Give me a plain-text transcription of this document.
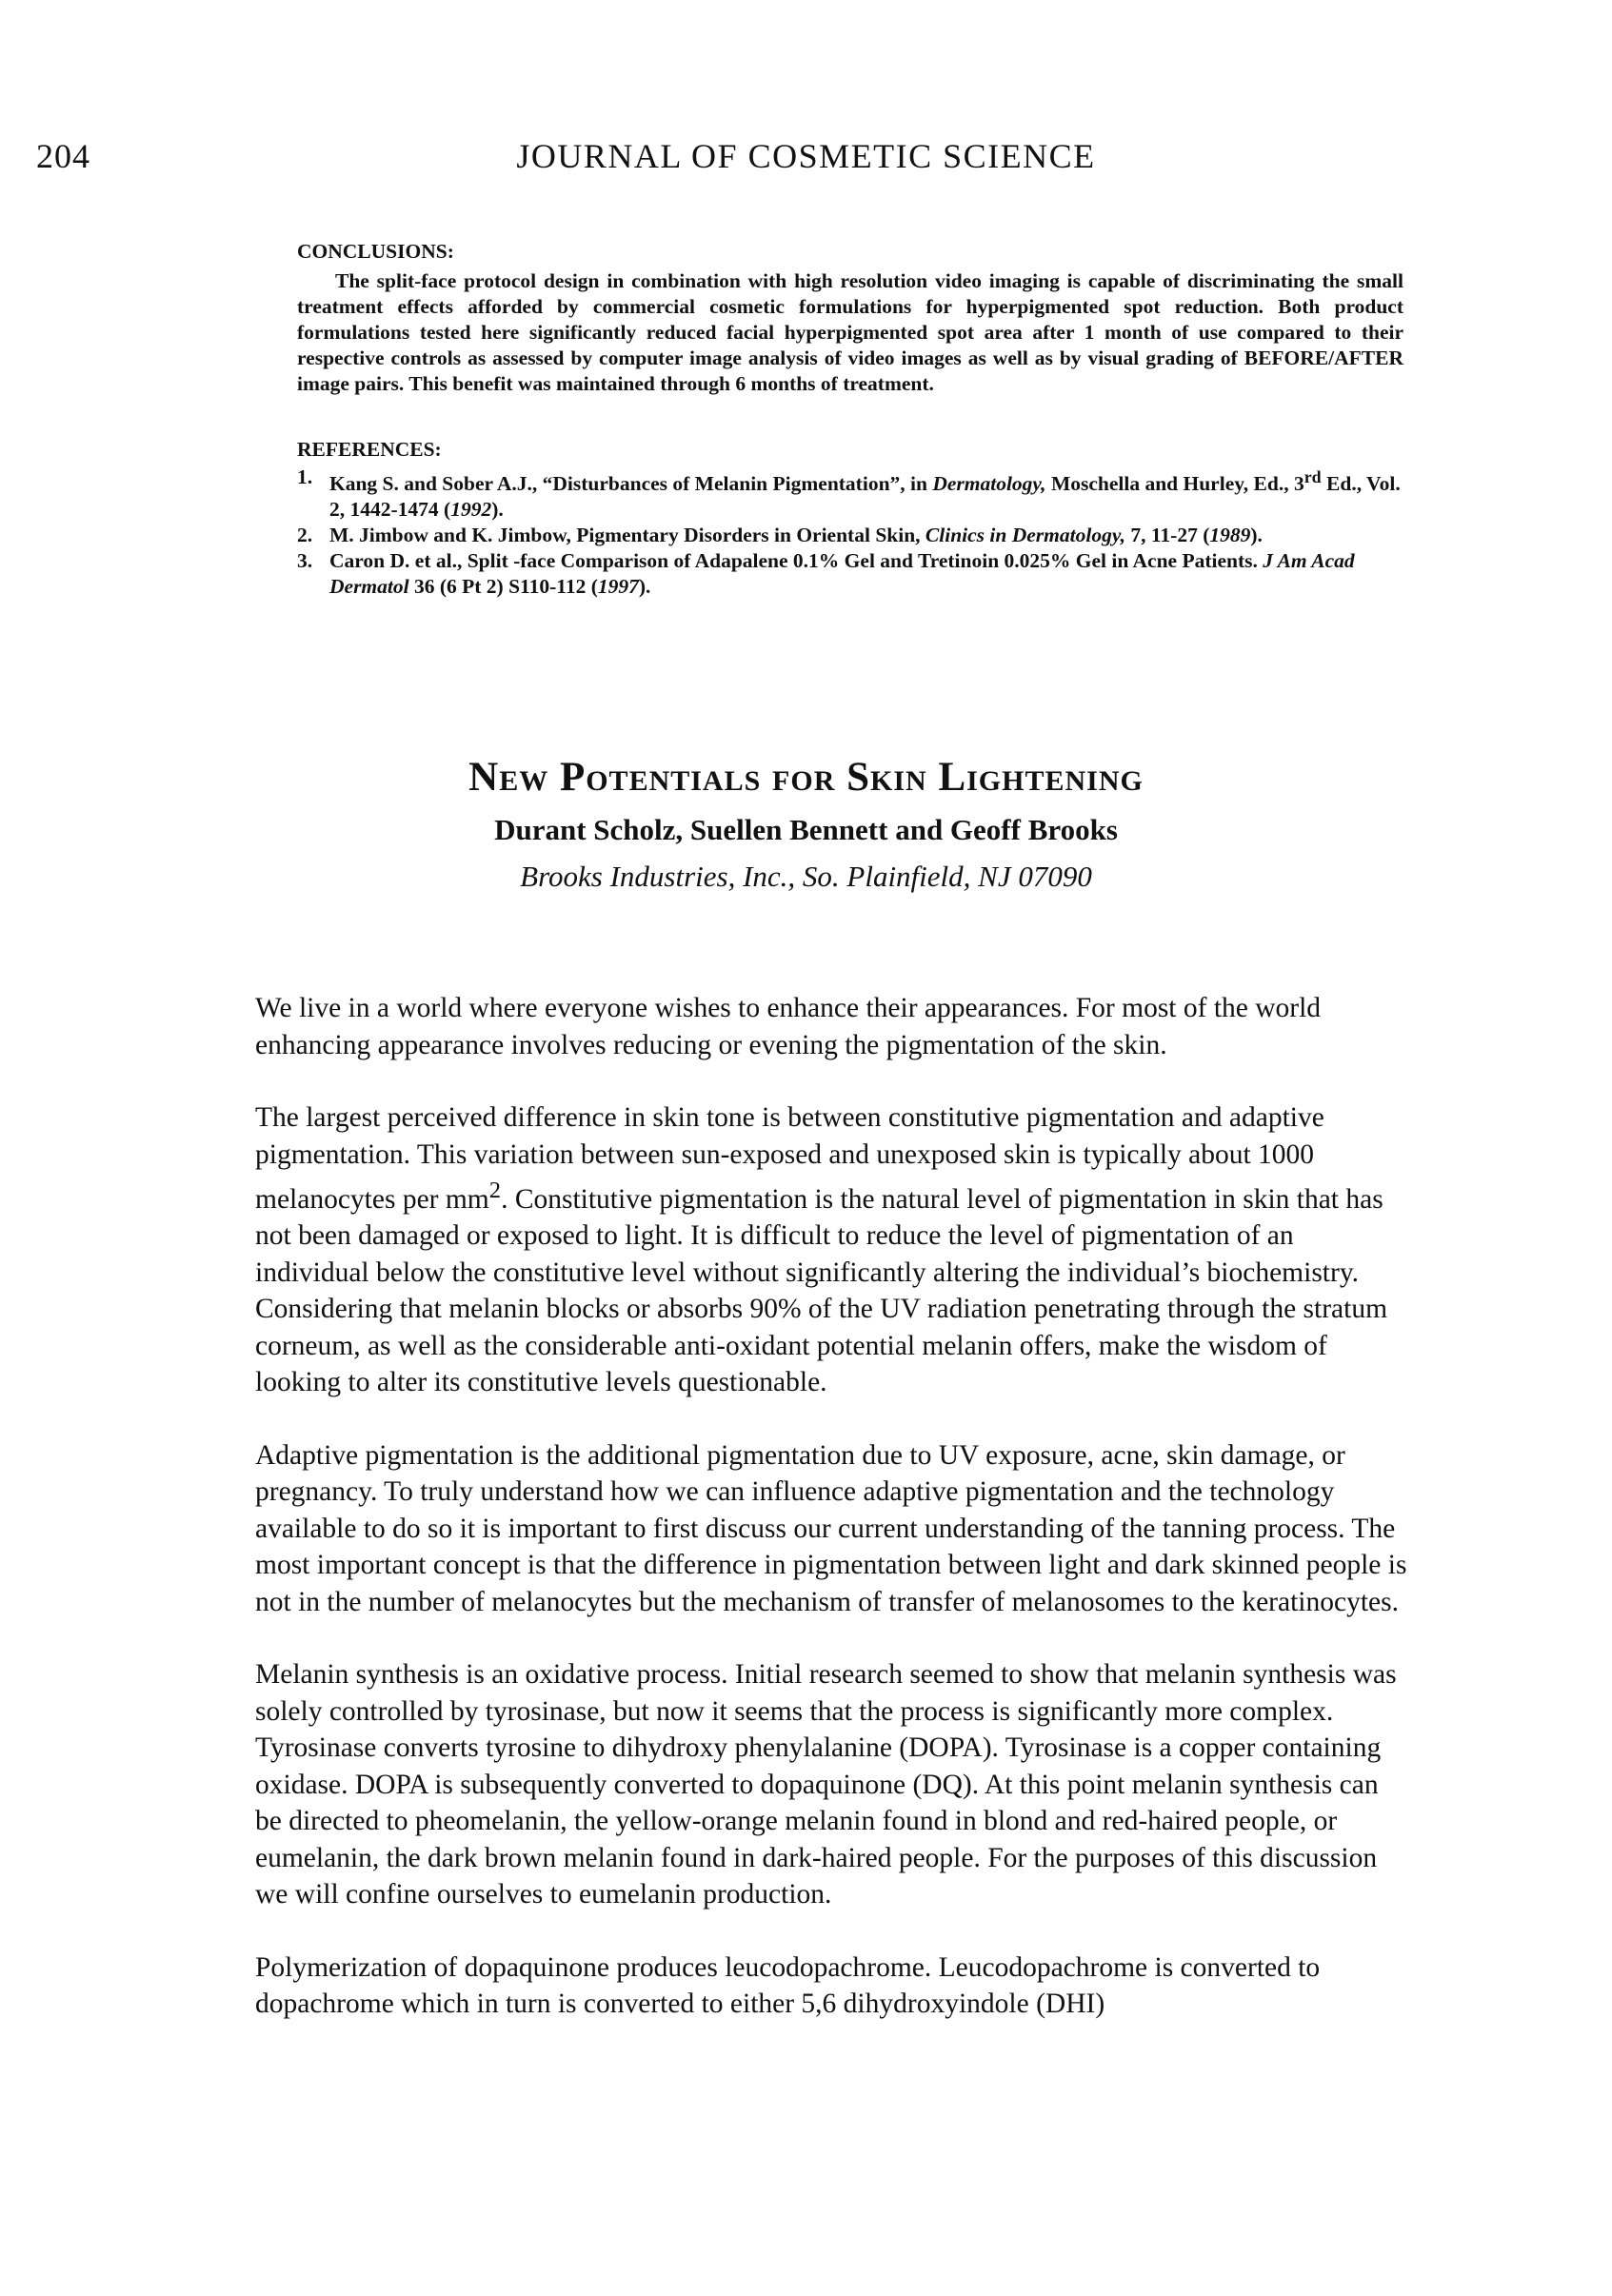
204	JOURNAL OF COSMETIC SCIENCE

CONCLUSIONS:

The split-face protocol design in combination with high resolution video imaging is capable of discriminating the small treatment effects afforded by commercial cosmetic formulations for hyperpigmented spot reduction. Both product formulations tested here significantly reduced facial hyperpigmented spot area after 1 month of use compared to their respective controls as assessed by computer image analysis of video images as well as by visual grading of BEFORE/AFTER image pairs. This benefit was maintained through 6 months of treatment.

REFERENCES:

1. Kang S. and Sober A.J., “Disturbances of Melanin Pigmentation”, in Dermatology, Moschella and Hurley, Ed., 3rd Ed., Vol. 2, 1442-1474 (1992).
2. M. Jimbow and K. Jimbow, Pigmentary Disorders in Oriental Skin, Clinics in Dermatology, 7, 11-27 (1989).
3. Caron D. et al., Split -face Comparison of Adapalene 0.1% Gel and Tretinoin 0.025% Gel in Acne Patients. J Am Acad Dermatol 36 (6 Pt 2) S110-112 (1997).
New Potentials for Skin Lightening
Durant Scholz, Suellen Bennett and Geoff Brooks
Brooks Industries, Inc., So. Plainfield, NJ 07090

We live in a world where everyone wishes to enhance their appearances. For most of the world enhancing appearance involves reducing or evening the pigmentation of the skin.

The largest perceived difference in skin tone is between constitutive pigmentation and adaptive pigmentation. This variation between sun-exposed and unexposed skin is typically about 1000 melanocytes per $mm^2$. Constitutive pigmentation is the natural level of pigmentation in skin that has not been damaged or exposed to light. It is difficult to reduce the level of pigmentation of an individual below the constitutive level without significantly altering the individual’s biochemistry. Considering that melanin blocks or absorbs 90% of the UV radiation penetrating through the stratum corneum, as well as the considerable anti-oxidant potential melanin offers, make the wisdom of looking to alter its constitutive levels questionable.

Adaptive pigmentation is the additional pigmentation due to UV exposure, acne, skin damage, or pregnancy. To truly understand how we can influence adaptive pigmentation and the technology available to do so it is important to first discuss our current understanding of the tanning process. The most important concept is that the difference in pigmentation between light and dark skinned people is not in the number of melanocytes but the mechanism of transfer of melanosomes to the keratinocytes.

Melanin synthesis is an oxidative process. Initial research seemed to show that melanin synthesis was solely controlled by tyrosinase, but now it seems that the process is significantly more complex. Tyrosinase converts tyrosine to dihydroxy phenylalanine (DOPA). Tyrosinase is a copper containing oxidase. DOPA is subsequently converted to dopaquinone (DQ). At this point melanin synthesis can be directed to pheomelanin, the yellow-orange melanin found in blond and red-haired people, or eumelanin, the dark brown melanin found in dark-haired people. For the purposes of this discussion we will confine ourselves to eumelanin production.

Polymerization of dopaquinone produces leucodopachrome. Leucodopachrome is converted to dopachrome which in turn is converted to either 5,6 dihydroxyindole (DHI)
